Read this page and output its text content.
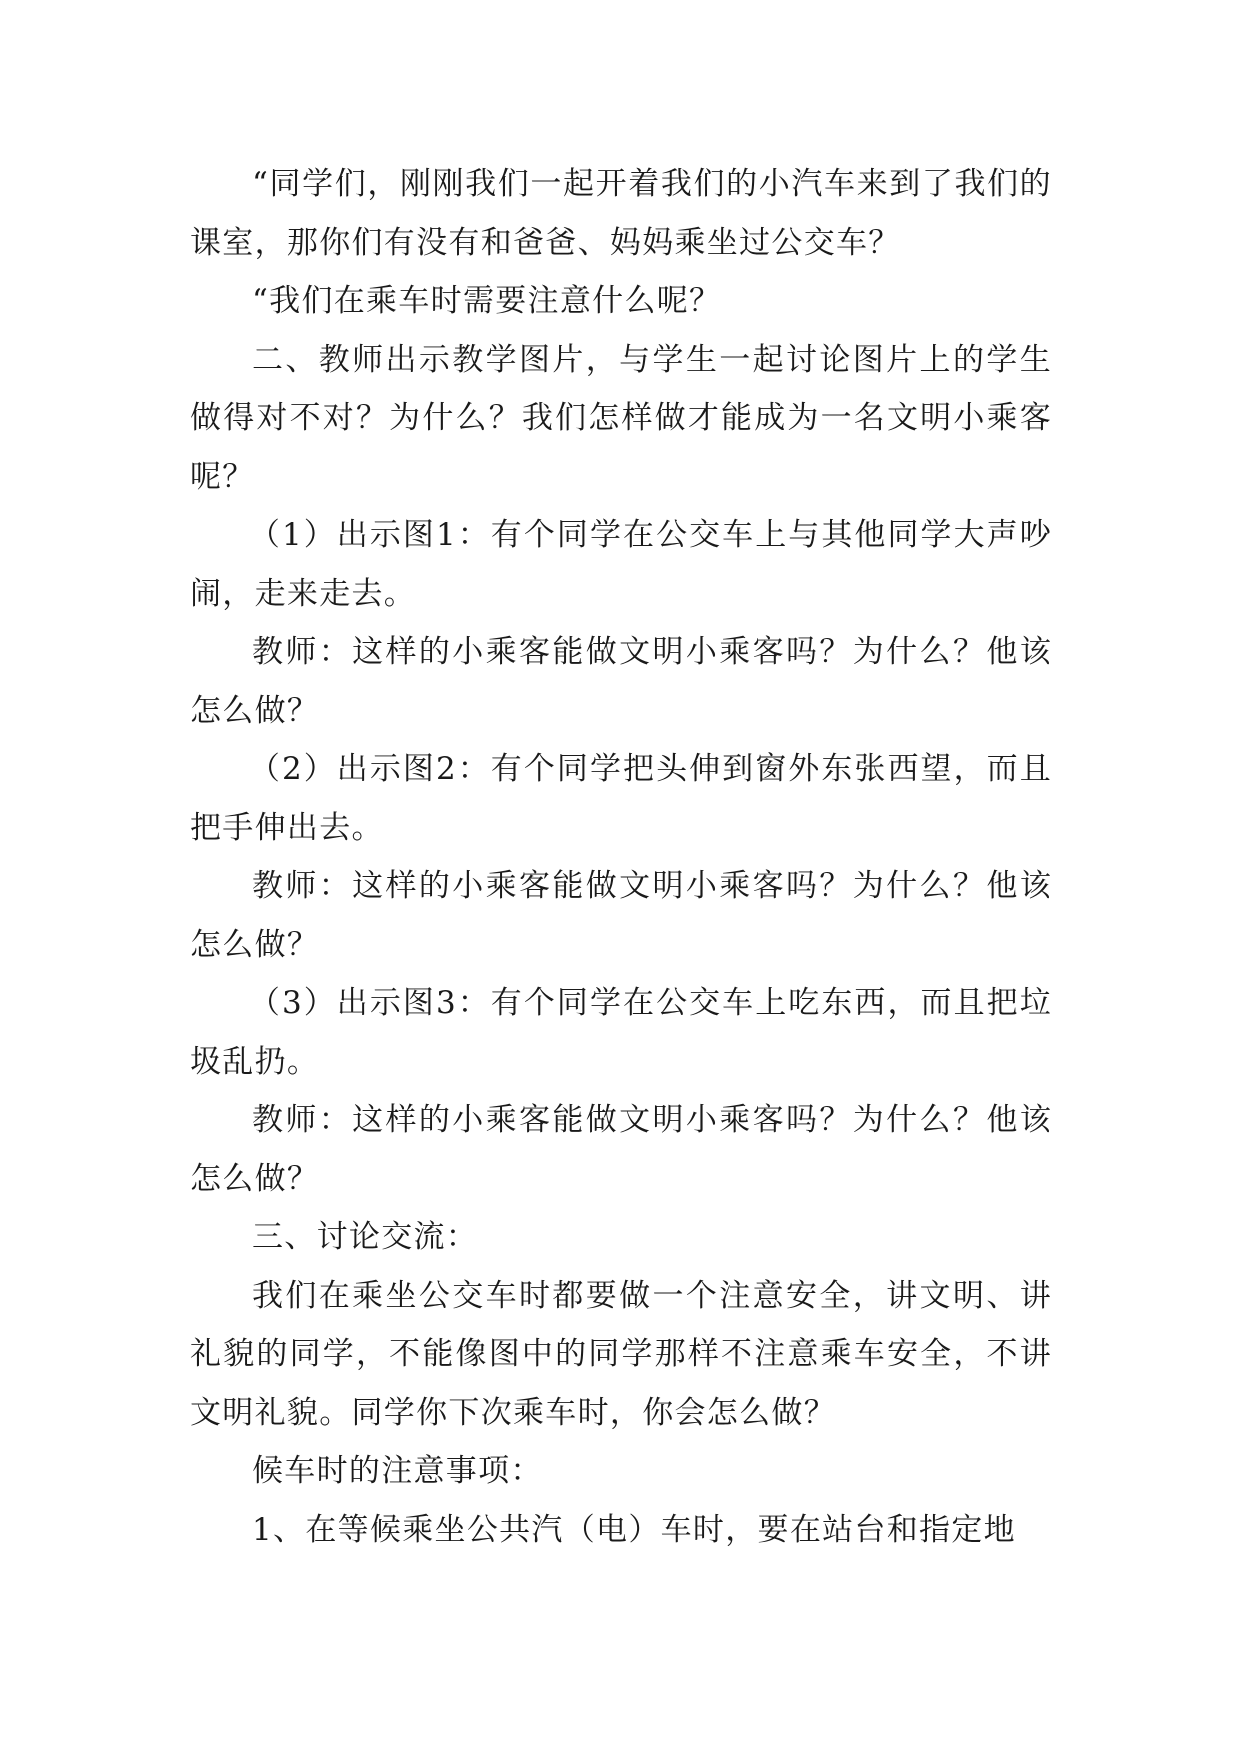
“同学们，刚刚我们一起开着我们的小汽车来到了我们的课室，那你们有没有和爸爸、妈妈乘坐过公交车？

“我们在乘车时需要注意什么呢？

二、教师出示教学图片，与学生一起讨论图片上的学生做得对不对？为什么？我们怎样做才能成为一名文明小乘客呢？

（1）出示图1：有个同学在公交车上与其他同学大声吵闹，走来走去。

教师：这样的小乘客能做文明小乘客吗？为什么？他该怎么做？

（2）出示图2：有个同学把头伸到窗外东张西望，而且把手伸出去。

教师：这样的小乘客能做文明小乘客吗？为什么？他该怎么做？

（3）出示图3：有个同学在公交车上吃东西，而且把垃圾乱扔。

教师：这样的小乘客能做文明小乘客吗？为什么？他该怎么做？

三、讨论交流：

我们在乘坐公交车时都要做一个注意安全，讲文明、讲礼貌的同学，不能像图中的同学那样不注意乘车安全，不讲文明礼貌。同学你下次乘车时，你会怎么做？

候车时的注意事项：

1、在等候乘坐公共汽（电）车时，要在站台和指定地
